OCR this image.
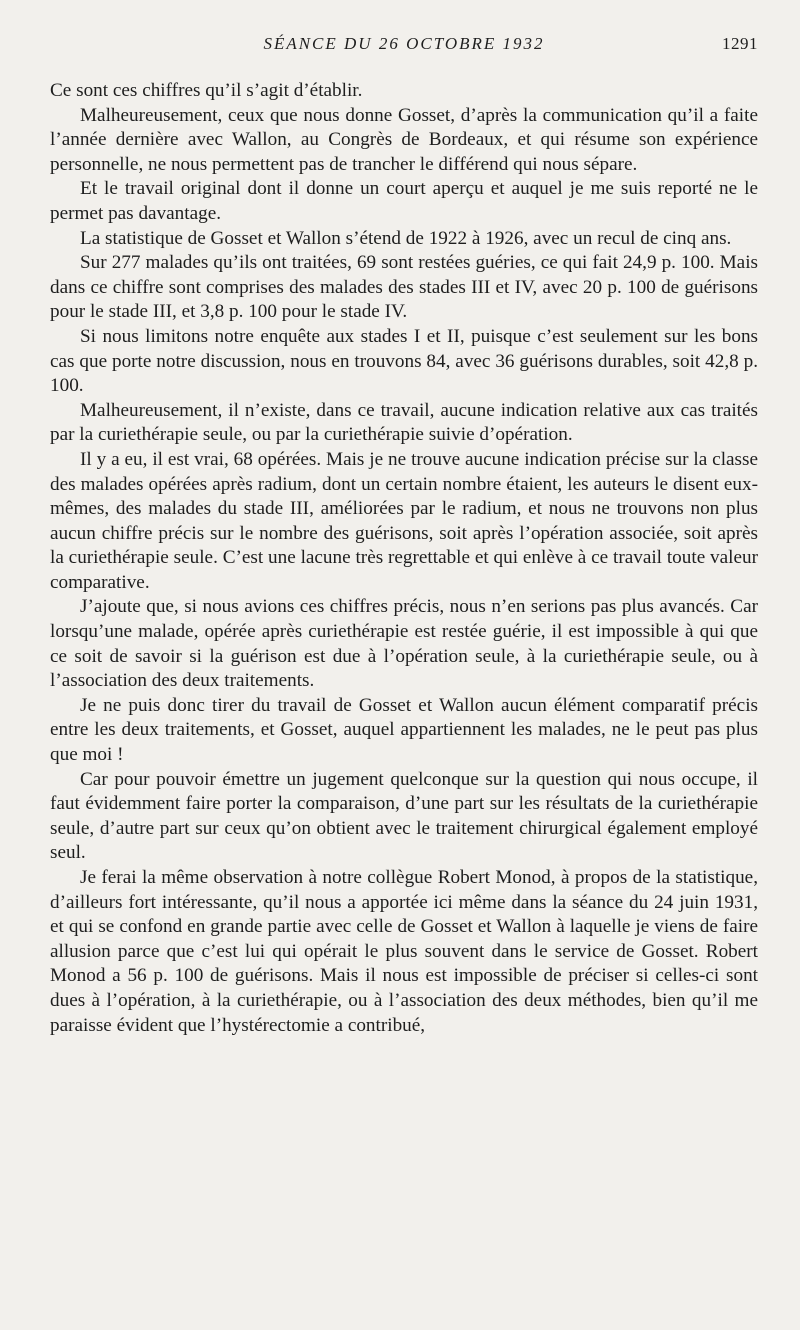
SÉANCE DU 26 OCTOBRE 1932	1291

Ce sont ces chiffres qu’il s’agit d’établir.

Malheureusement, ceux que nous donne Gosset, d’après la communication qu’il a faite l’année dernière avec Wallon, au Congrès de Bordeaux, et qui résume son expérience personnelle, ne nous permettent pas de trancher le différend qui nous sépare.

Et le travail original dont il donne un court aperçu et auquel je me suis reporté ne le permet pas davantage.

La statistique de Gosset et Wallon s’étend de 1922 à 1926, avec un recul de cinq ans.

Sur 277 malades qu’ils ont traitées, 69 sont restées guéries, ce qui fait 24,9 p. 100. Mais dans ce chiffre sont comprises des malades des stades III et IV, avec 20 p. 100 de guérisons pour le stade III, et 3,8 p. 100 pour le stade IV.

Si nous limitons notre enquête aux stades I et II, puisque c’est seulement sur les bons cas que porte notre discussion, nous en trouvons 84, avec 36 guérisons durables, soit 42,8 p. 100.

Malheureusement, il n’existe, dans ce travail, aucune indication relative aux cas traités par la curiethérapie seule, ou par la curiethérapie suivie d’opération.

Il y a eu, il est vrai, 68 opérées. Mais je ne trouve aucune indication précise sur la classe des malades opérées après radium, dont un certain nombre étaient, les auteurs le disent eux-mêmes, des malades du stade III, améliorées par le radium, et nous ne trouvons non plus aucun chiffre précis sur le nombre des guérisons, soit après l’opération associée, soit après la curiethérapie seule. C’est une lacune très regrettable et qui enlève à ce travail toute valeur comparative.

J’ajoute que, si nous avions ces chiffres précis, nous n’en serions pas plus avancés. Car lorsqu’une malade, opérée après curiethérapie est restée guérie, il est impossible à qui que ce soit de savoir si la guérison est due à l’opération seule, à la curiethérapie seule, ou à l’association des deux traitements.

Je ne puis donc tirer du travail de Gosset et Wallon aucun élément comparatif précis entre les deux traitements, et Gosset, auquel appartiennent les malades, ne le peut pas plus que moi !

Car pour pouvoir émettre un jugement quelconque sur la question qui nous occupe, il faut évidemment faire porter la comparaison, d’une part sur les résultats de la curiethérapie seule, d’autre part sur ceux qu’on obtient avec le traitement chirurgical également employé seul.

Je ferai la même observation à notre collègue Robert Monod, à propos de la statistique, d’ailleurs fort intéressante, qu’il nous a apportée ici même dans la séance du 24 juin 1931, et qui se confond en grande partie avec celle de Gosset et Wallon à laquelle je viens de faire allusion parce que c’est lui qui opérait le plus souvent dans le service de Gosset. Robert Monod a 56 p. 100 de guérisons. Mais il nous est impossible de préciser si celles-ci sont dues à l’opération, à la curiethérapie, ou à l’association des deux méthodes, bien qu’il me paraisse évident que l’hystérectomie a contribué,
